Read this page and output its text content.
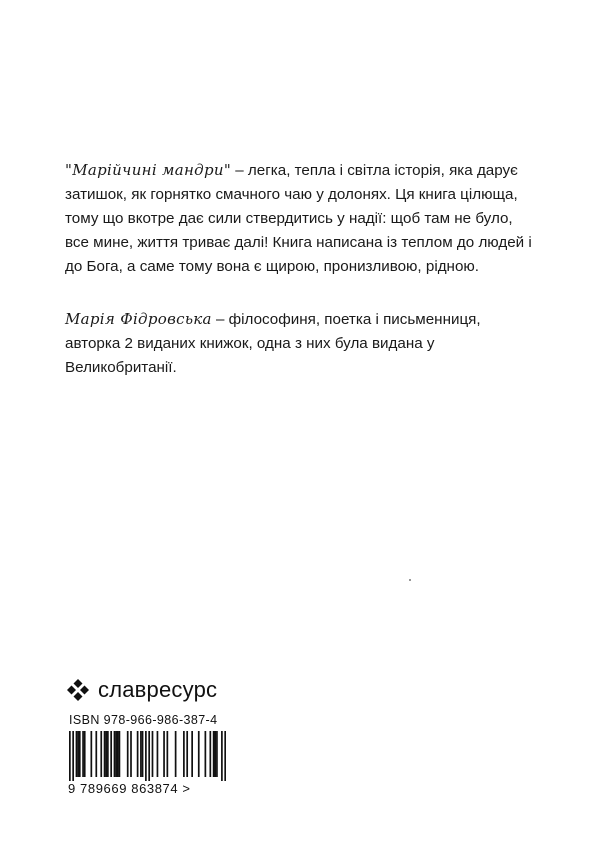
"Марійчині мандри" – легка, тепла і світла історія, яка дарує затишок, як горнятко смачного чаю у долонях. Ця книга цілюща, тому що вкотре дає сили ствердитись у надії: щоб там не було, все мине, життя триває далі! Книга написана із теплом до людей і до Бога, а саме тому вона є щирою, пронизливою, рідною.

Марія Фідровська – філософиня, поетка і письменниця, авторка 2 виданих книжок, одна з них була видана у Великобританії.

славресурс
ISBN 978-966-986-387-4
9 789669 863874 >
